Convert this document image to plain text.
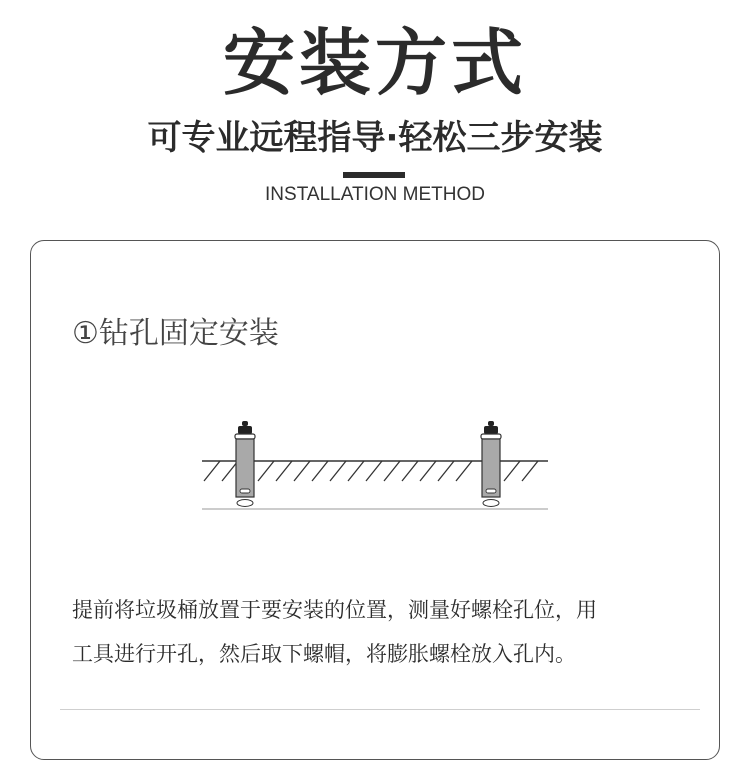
安装方式
可专业远程指导·轻松三步安装
INSTALLATION METHOD
①钻孔固定安装

提前将垃圾桶放置于要安装的位置，测量好螺栓孔位，用

工具进行开孔，然后取下螺帽，将膨胀螺栓放入孔内。
